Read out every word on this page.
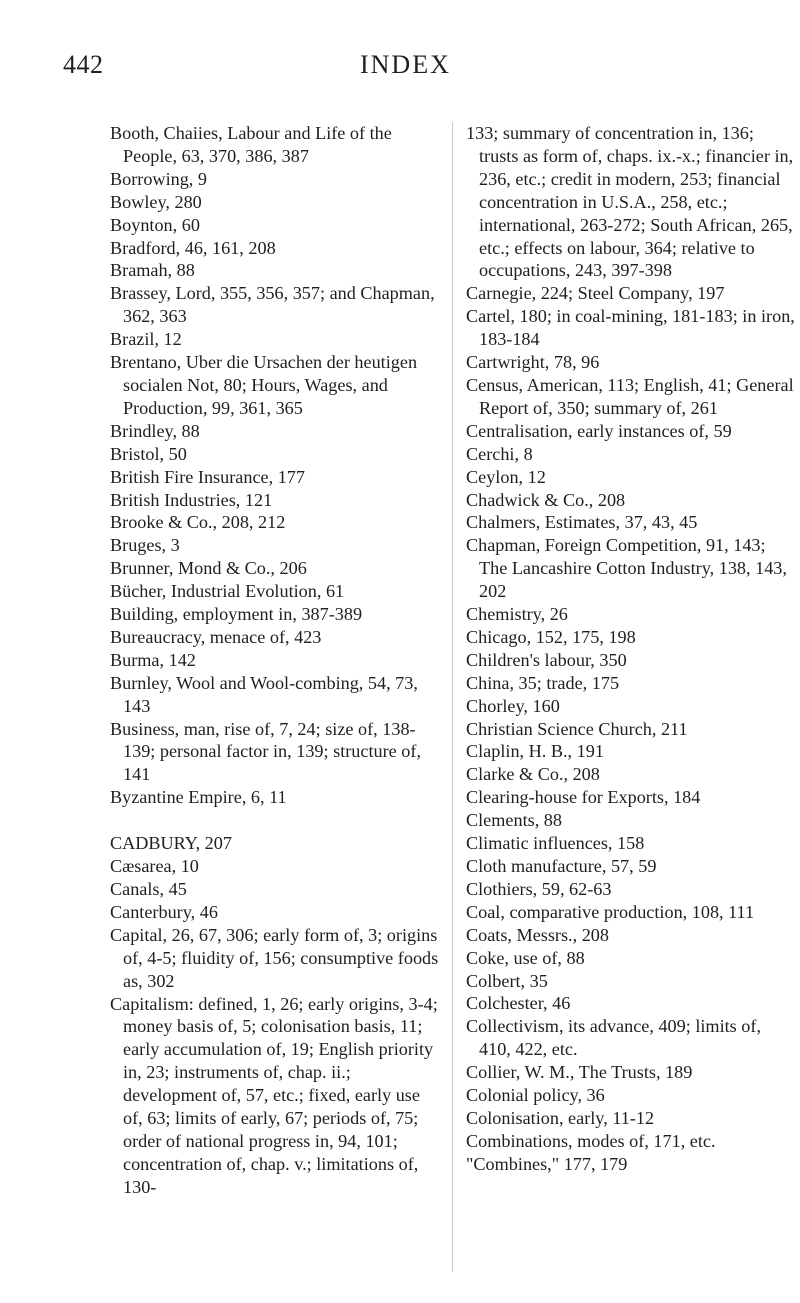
442	INDEX
Booth, Chaiies, Labour and Life of the People, 63, 370, 386, 387
Borrowing, 9
Bowley, 280
Boynton, 60
Bradford, 46, 161, 208
Bramah, 88
Brassey, Lord, 355, 356, 357; and Chapman, 362, 363
Brazil, 12
Brentano, Uber die Ursachen der heutigen socialen Not, 80; Hours, Wages, and Production, 99, 361, 365
Brindley, 88
Bristol, 50
British Fire Insurance, 177
British Industries, 121
Brooke & Co., 208, 212
Bruges, 3
Brunner, Mond & Co., 206
Bücher, Industrial Evolution, 61
Building, employment in, 387-389
Bureaucracy, menace of, 423
Burma, 142
Burnley, Wool and Wool-combing, 54, 73, 143
Business, man, rise of, 7, 24; size of, 138-139; personal factor in, 139; structure of, 141
Byzantine Empire, 6, 11
CADBURY, 207
Cæsarea, 10
Canals, 45
Canterbury, 46
Capital, 26, 67, 306; early form of, 3; origins of, 4-5; fluidity of, 156; consumptive foods as, 302
Capitalism: defined, 1, 26; early origins, 3-4; money basis of, 5; colonisation basis, 11; early accumulation of, 19; English priority in, 23; instruments of, chap. ii.; development of, 57, etc.; fixed, early use of, 63; limits of early, 67; periods of, 75; order of national progress in, 94, 101; concentration of, chap. v.; limitations of, 130-
133; summary of concentration in, 136; trusts as form of, chaps. ix.-x.; financier in, 236, etc.; credit in modern, 253; financial concentration in U.S.A., 258, etc.; international, 263-272; South African, 265, etc.; effects on labour, 364; relative to occupations, 243, 397-398
Carnegie, 224; Steel Company, 197
Cartel, 180; in coal-mining, 181-183; in iron, 183-184
Cartwright, 78, 96
Census, American, 113; English, 41; General Report of, 350; summary of, 261
Centralisation, early instances of, 59
Cerchi, 8
Ceylon, 12
Chadwick & Co., 208
Chalmers, Estimates, 37, 43, 45
Chapman, Foreign Competition, 91, 143; The Lancashire Cotton Industry, 138, 143, 202
Chemistry, 26
Chicago, 152, 175, 198
Children's labour, 350
China, 35; trade, 175
Chorley, 160
Christian Science Church, 211
Claplin, H. B., 191
Clarke & Co., 208
Clearing-house for Exports, 184
Clements, 88
Climatic influences, 158
Cloth manufacture, 57, 59
Clothiers, 59, 62-63
Coal, comparative production, 108, 111
Coats, Messrs., 208
Coke, use of, 88
Colbert, 35
Colchester, 46
Collectivism, its advance, 409; limits of, 410, 422, etc.
Collier, W. M., The Trusts, 189
Colonial policy, 36
Colonisation, early, 11-12
Combinations, modes of, 171, etc.
"Combines," 177, 179
